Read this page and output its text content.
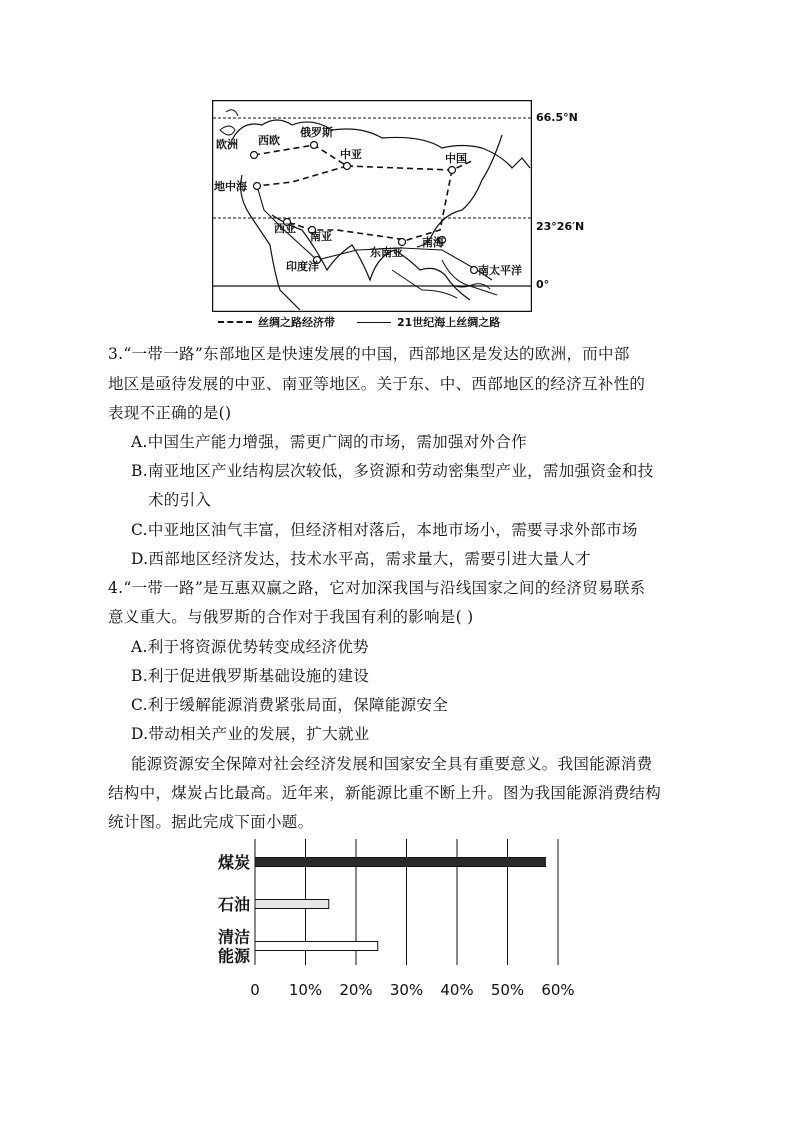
欧洲 西欧
俄罗斯
中亚	中国
地中海
西亚
南亚
东南亚
南海
印度洋	南太平洋
66.5°N
23°26′N
0°
丝绸之路经济带	21世纪海上丝绸之路
3.“一带一路”东部地区是快速发展的中国，西部地区是发达的欧洲，而中部
地区是亟待发展的中亚、南亚等地区。关于东、中、西部地区的经济互补性的
表现不正确的是()
A.中国生产能力增强，需更广阔的市场，需加强对外合作
B.南亚地区产业结构层次较低，多资源和劳动密集型产业，需加强资金和技
术的引入
C.中亚地区油气丰富，但经济相对落后，本地市场小，需要寻求外部市场
D.西部地区经济发达，技术水平高，需求量大，需要引进大量人才
4.“一带一路”是互惠双赢之路，它对加深我国与沿线国家之间的经济贸易联系
意义重大。与俄罗斯的合作对于我国有利的影响是( )
A.利于将资源优势转变成经济优势
B.利于促进俄罗斯基础设施的建设
C.利于缓解能源消费紧张局面，保障能源安全
D.带动相关产业的发展，扩大就业
能源资源安全保障对社会经济发展和国家安全具有重要意义。我国能源消费
结构中，煤炭占比最高。近年来，新能源比重不断上升。图为我国能源消费结构
统计图。据此完成下面小题。
0 10% 20% 30% 40% 50% 60%
煤炭
石油
清洁
能源
